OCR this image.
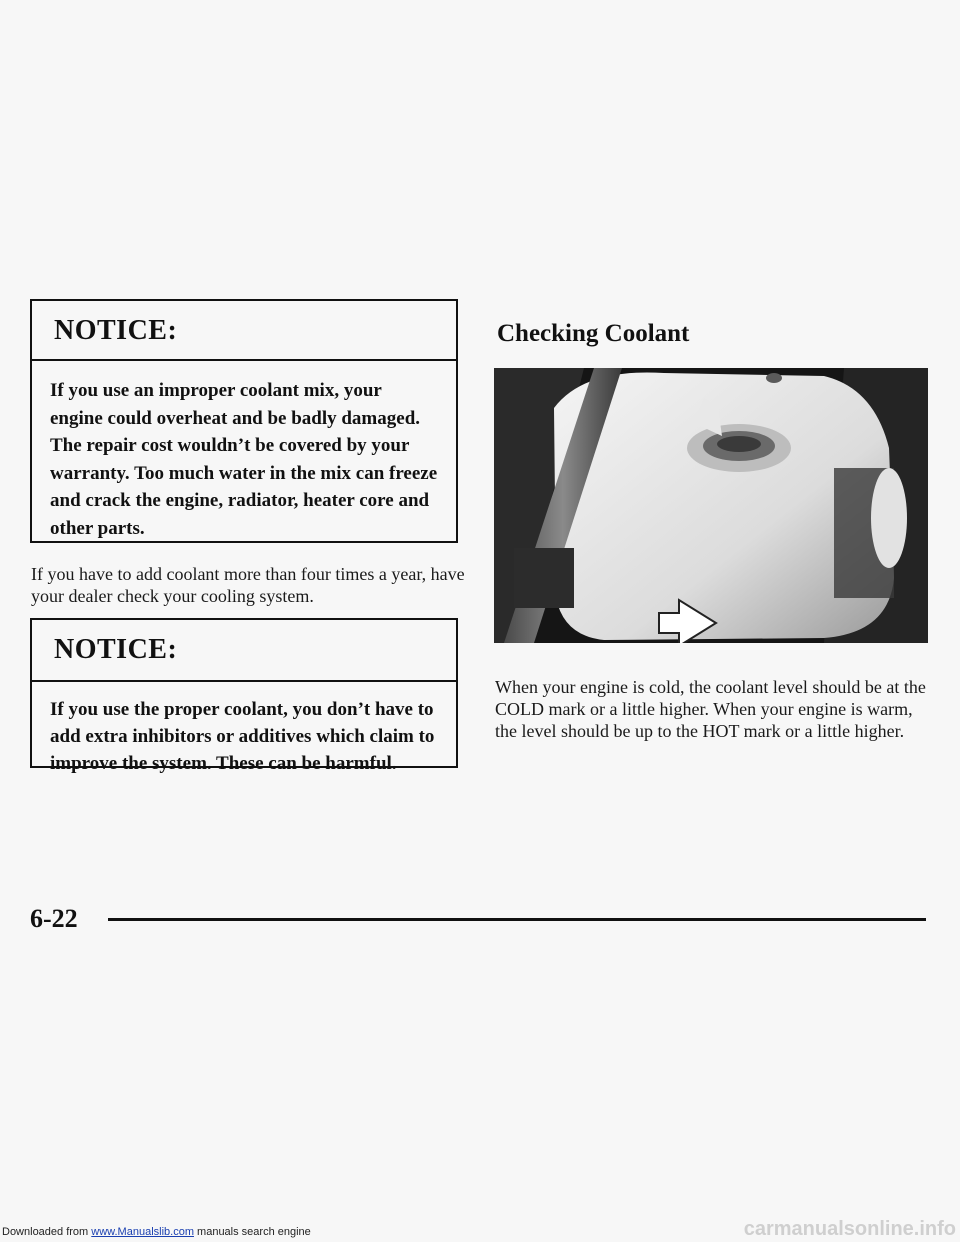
NOTICE:
If you use an improper coolant mix, your engine could overheat and be badly damaged. The repair cost wouldn’t be covered by your warranty. Too much water in the mix can freeze and crack the engine, radiator, heater core and other parts.
If you have to add coolant more than four times a year, have your dealer check your cooling system.
NOTICE:
If you use the proper coolant, you don’t have to add extra inhibitors or additives which claim to improve the system. These can be harmful.
Checking Coolant
When your engine is cold, the coolant level should be at the COLD mark or a little higher. When your engine is warm, the level should be up to the HOT mark or a little higher.
6-22
Downloaded from www.Manualslib.com manuals search engine	carmanualsonline.info
